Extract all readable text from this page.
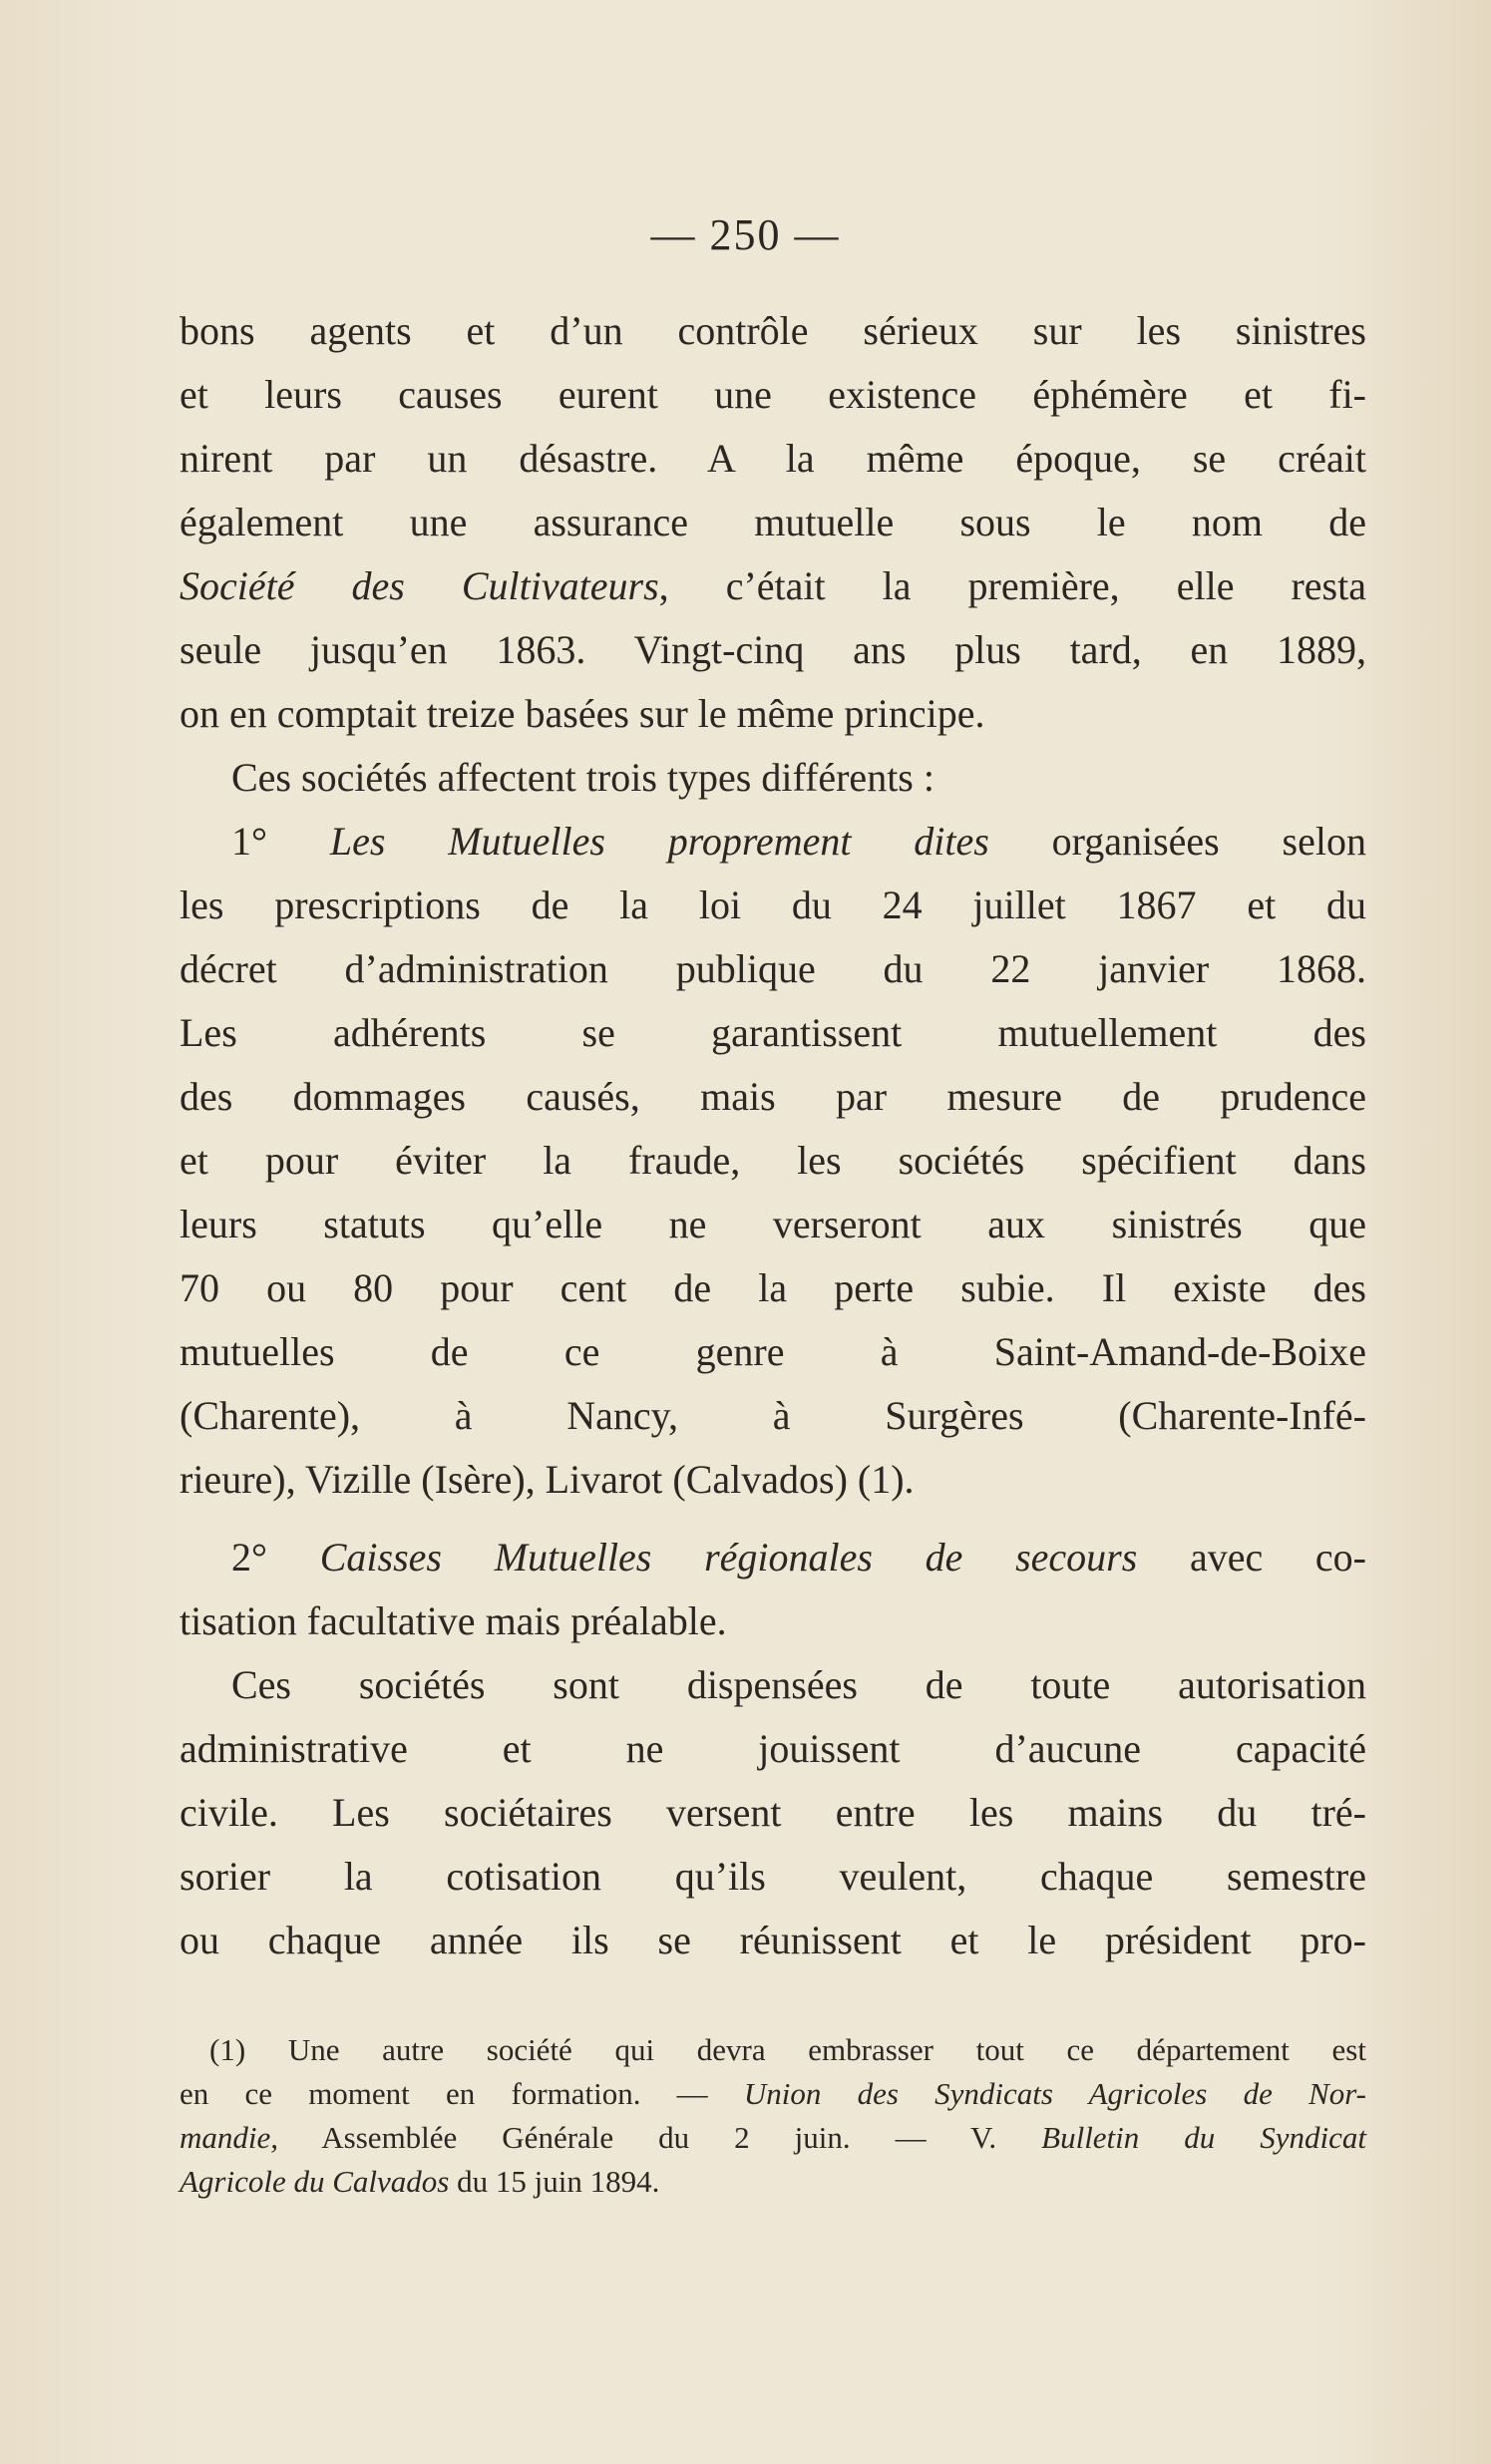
— 250 —
bons agents et d’un contrôle sérieux sur les sinistres
et leurs causes eurent une existence éphémère et fi-
nirent par un désastre. A la même époque, se créait
également une assurance mutuelle sous le nom de
Société des Cultivateurs, c’était la première, elle resta
seule jusqu’en 1863. Vingt-cinq ans plus tard, en 1889,
on en comptait treize basées sur le même principe.
Ces sociétés affectent trois types différents :
1° Les Mutuelles proprement dites organisées selon
les prescriptions de la loi du 24 juillet 1867 et du
décret d’administration publique du 22 janvier 1868.
Les adhérents se garantissent mutuellement des
des dommages causés, mais par mesure de prudence
et pour éviter la fraude, les sociétés spécifient dans
leurs statuts qu’elle ne verseront aux sinistrés que
70 ou 80 pour cent de la perte subie. Il existe des
mutuelles de ce genre à Saint-Amand-de-Boixe
(Charente), à Nancy, à Surgères (Charente-Infé-
rieure), Vizille (Isère), Livarot (Calvados) (1).
2° Caisses Mutuelles régionales de secours avec co-
tisation facultative mais préalable.
Ces sociétés sont dispensées de toute autorisation
administrative et ne jouissent d’aucune capacité
civile. Les sociétaires versent entre les mains du tré-
sorier la cotisation qu’ils veulent, chaque semestre
ou chaque année ils se réunissent et le président pro-
(1) Une autre société qui devra embrasser tout ce département est
en ce moment en formation. — Union des Syndicats Agricoles de Nor-
mandie, Assemblée Générale du 2 juin. — V. Bulletin du Syndicat
Agricole du Calvados du 15 juin 1894.
